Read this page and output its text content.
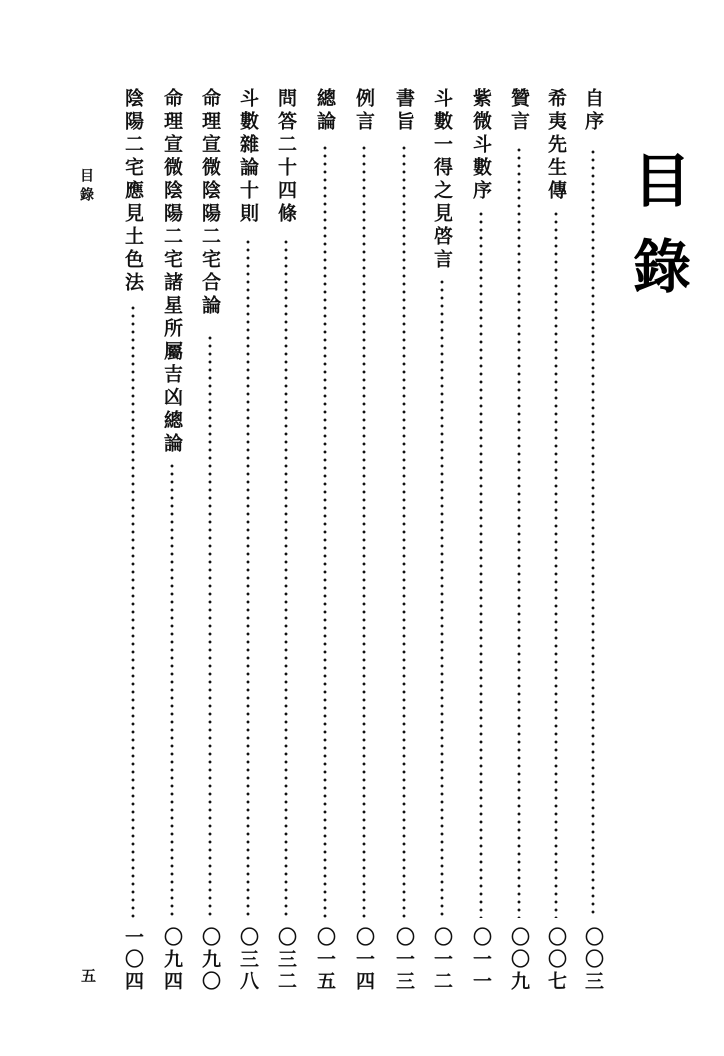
目錄
自序
〇〇三
希夷先生傳
〇〇七
贊言
〇〇九
紫微斗數序
〇一一
斗數一得之見啓言
〇一二
書旨
〇一三
例言
〇一四
總論
〇一五
問答二十四條
〇三二
斗數雜論十則
〇三八
命理宣微陰陽二宅合論
〇九〇
命理宣微陰陽二宅諸星所屬吉凶總論
〇九四
陰陽二宅應見土色法
一〇四
目錄
五
